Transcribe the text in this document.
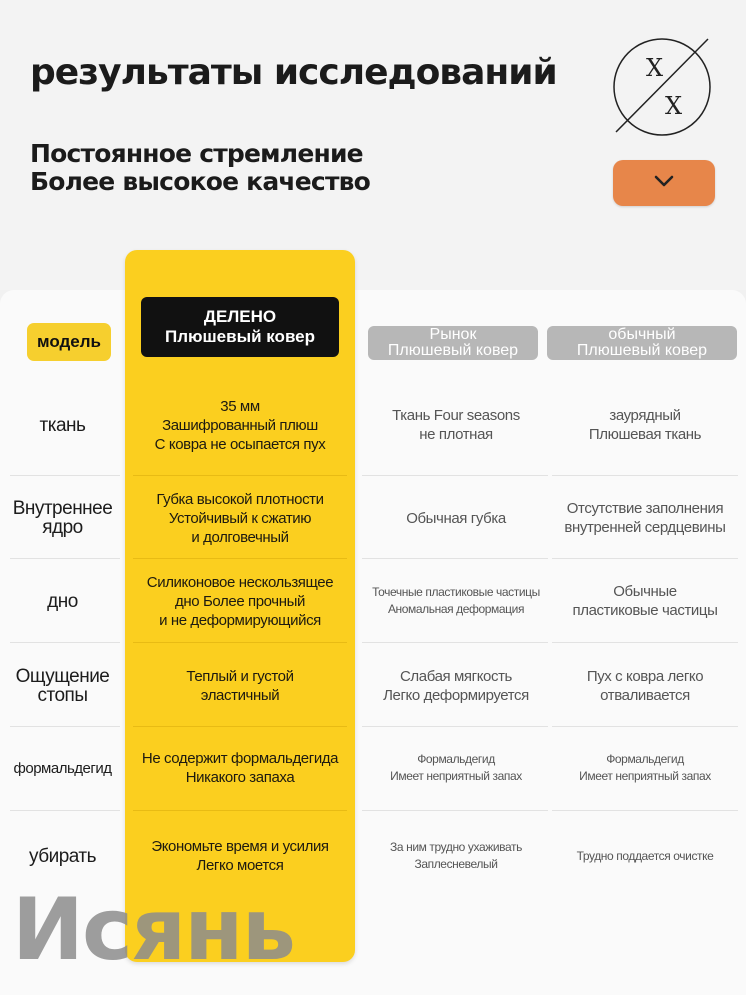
результаты исследований
Постоянное стремление
Более высокое качество
X
X
модель
ДЕЛЕНО
Плюшевый ковер	Рынок
Плюшевый ковер
обычный
Плюшевый ковер
ткань
35 мм
Зашифрованный плюш
С ковра не осыпается пух
Ткань Four seasons
не плотная
заурядный
Плюшевая ткань
Внутреннее
ядро
Губка высокой плотности
Устойчивый к сжатию
и долговечный
Обычная губка
Отсутствие заполнения
внутренней сердцевины
дно
Силиконовое нескользящее
дно Более прочный
и не деформирующийся
Точечные пластиковые частицы
Аномальная деформация
Обычные
пластиковые частицы
Ощущение
стопы
Теплый и густой
эластичный
Слабая мягкость
Легко деформируется
Пух с ковра легко
отваливается
формальдегид
Не содержит формальдегида
Никакого запаха
Формальдегид
Имеет неприятный запах
Формальдегид
Имеет неприятный запах
убирать	Экономьте время и усилия
Легко моется
За ним трудно ухаживать
Заплесневелый
Трудно поддается очистке
Исянь
